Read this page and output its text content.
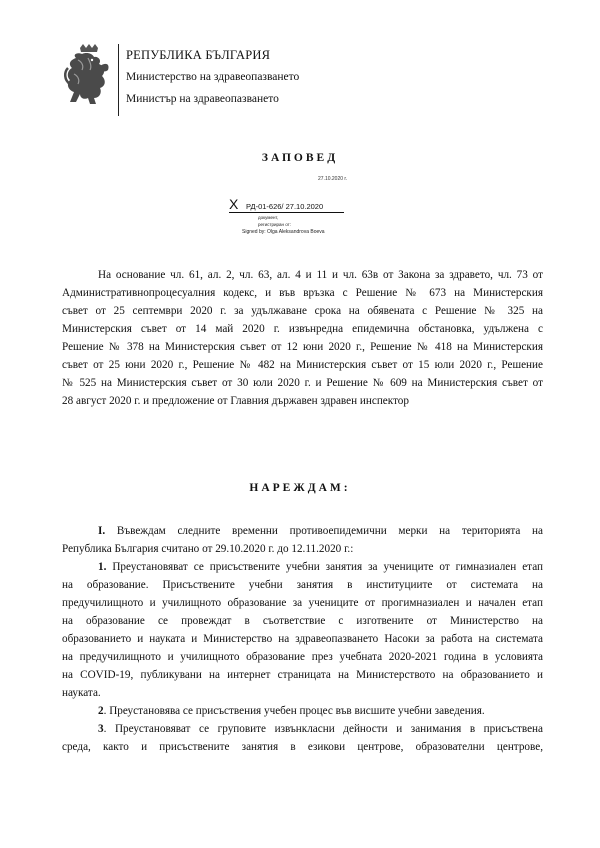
РЕПУБЛИКА БЪЛГАРИЯ
Министерство на здравеопазването
Министър на здравеопазването
ЗАПОВЕД
27.10.2020 г.
X РД-01-626/ 27.10.2020
документ,
регистриран от:
Signed by: Olga Aleksandrova Boeva
На основание чл. 61, ал. 2, чл. 63, ал. 4 и 11 и чл. 63в от Закона за здравето, чл. 73 от
Административнопроцесуалния кодекс, и във връзка с Решение № 673 на Министерския
съвет от 25 септември 2020 г. за удължаване срока на обявената с Решение № 325 на
Министерския съвет от 14 май 2020 г. извънредна епидемична обстановка, удължена с
Решение № 378 на Министерския съвет от 12 юни 2020 г., Решение № 418 на Министерския
съвет от 25 юни 2020 г., Решение № 482 на Министерския съвет от 15 юли 2020 г., Решение
№ 525 на Министерския съвет от 30 юли 2020 г. и Решение № 609 на Министерския съвет от
28 август 2020 г. и предложение от Главния държавен здравен инспектор
НАРЕЖДАМ:
I. Въвеждам следните временни противоепидемични мерки на територията на
Република България считано от 29.10.2020 г. до 12.11.2020 г.:
1. Преустановяват се присъствените учебни занятия за учениците от гимназиален етап
на образование. Присъствените учебни занятия в институциите от системата на
предучилищното и училищното образование за учениците от прогимназиален и начален етап
на образование се провеждат в съответствие с изготвените от Министерство на
образованието и науката и Министерство на здравеопазването Насоки за работа на системата
на предучилищното и училищното образование през учебната 2020-2021 година в условията
на COVID-19, публикувани на интернет страницата на Министерството на образованието и
науката.
2. Преустановява се присъствения учебен процес във висшите учебни заведения.
3. Преустановяват се груповите извънкласни дейности и занимания в присъствена
среда, както и присъствените занятия в езикови центрове, образователни центрове,
